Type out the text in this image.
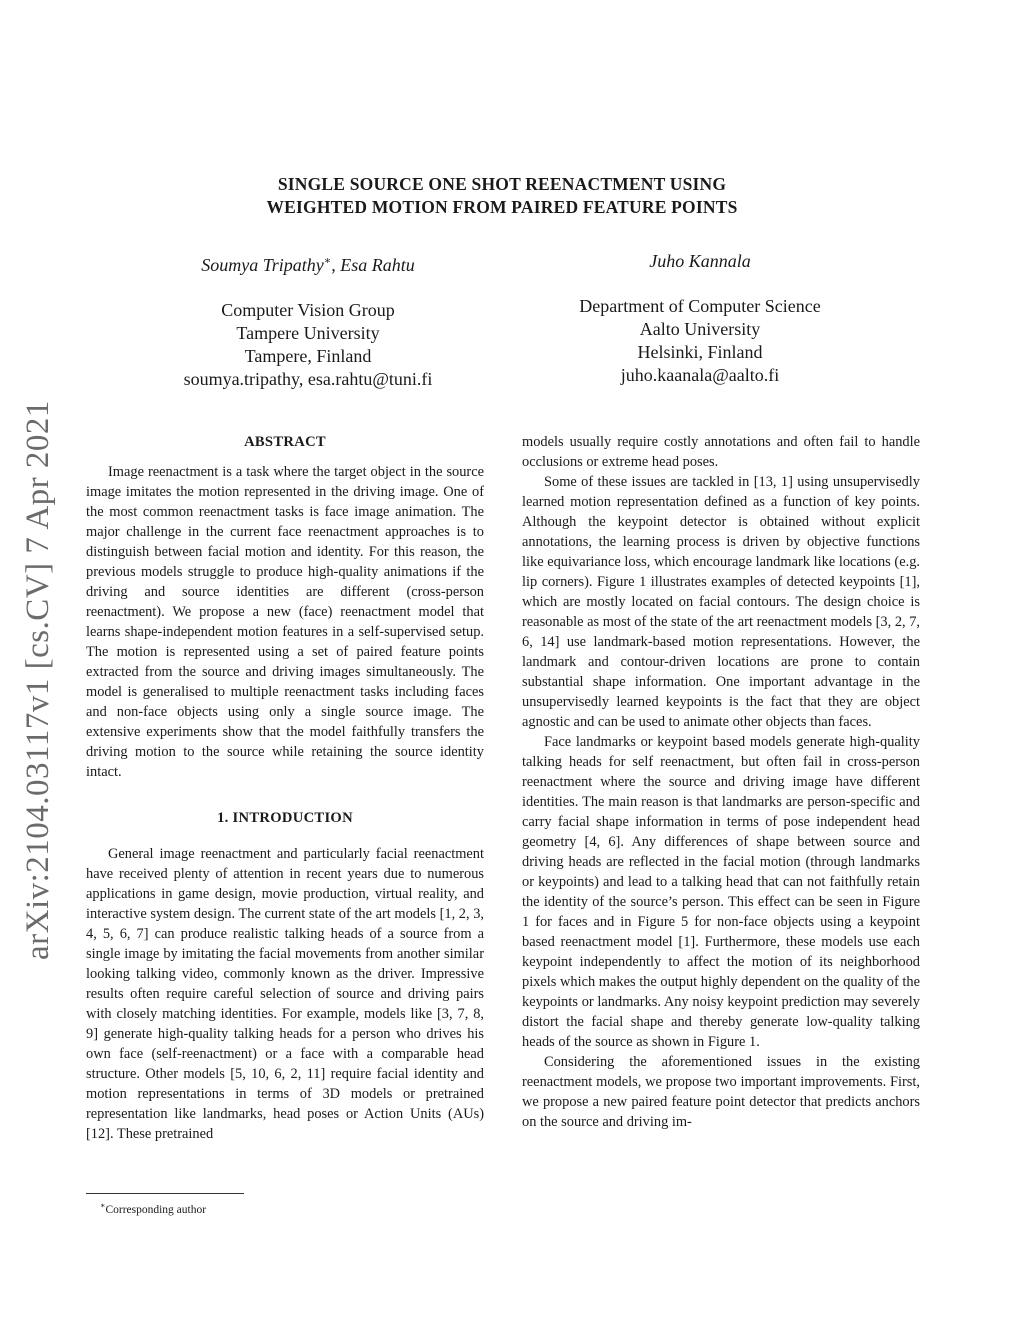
arXiv:2104.03117v1 [cs.CV] 7 Apr 2021
SINGLE SOURCE ONE SHOT REENACTMENT USING
WEIGHTED MOTION FROM PAIRED FEATURE POINTS
Soumya Tripathy∗, Esa Rahtu
Computer Vision Group
Tampere University
Tampere, Finland
soumya.tripathy, esa.rahtu@tuni.fi
Juho Kannala
Department of Computer Science
Aalto University
Helsinki, Finland
juho.kaanala@aalto.fi
ABSTRACT

Image reenactment is a task where the target object in the source image imitates the motion represented in the driving image. One of the most common reenactment tasks is face image animation. The major challenge in the current face reenactment approaches is to distinguish between facial motion and identity. For this reason, the previous models struggle to produce high-quality animations if the driving and source identities are different (cross-person reenactment). We propose a new (face) reenactment model that learns shape-independent motion features in a self-supervised setup. The motion is represented using a set of paired feature points extracted from the source and driving images simultaneously. The model is generalised to multiple reenactment tasks including faces and non-face objects using only a single source image. The extensive experiments show that the model faithfully transfers the driving motion to the source while retaining the source identity intact.

1. INTRODUCTION

General image reenactment and particularly facial reenactment have received plenty of attention in recent years due to numerous applications in game design, movie production, virtual reality, and interactive system design. The current state of the art models [1, 2, 3, 4, 5, 6, 7] can produce realistic talking heads of a source from a single image by imitating the facial movements from another similar looking talking video, commonly known as the driver. Impressive results often require careful selection of source and driving pairs with closely matching identities. For example, models like [3, 7, 8, 9] generate high-quality talking heads for a person who drives his own face (self-reenactment) or a face with a comparable head structure. Other models [5, 10, 6, 2, 11] require facial identity and motion representations in terms of 3D models or pretrained representation like landmarks, head poses or Action Units (AUs) [12]. These pretrained

models usually require costly annotations and often fail to handle occlusions or extreme head poses.

Some of these issues are tackled in [13, 1] using unsupervisedly learned motion representation defined as a function of key points. Although the keypoint detector is obtained without explicit annotations, the learning process is driven by objective functions like equivariance loss, which encourage landmark like locations (e.g. lip corners). Figure 1 illustrates examples of detected keypoints [1], which are mostly located on facial contours. The design choice is reasonable as most of the state of the art reenactment models [3, 2, 7, 6, 14] use landmark-based motion representations. However, the landmark and contour-driven locations are prone to contain substantial shape information. One important advantage in the unsupervisedly learned keypoints is the fact that they are object agnostic and can be used to animate other objects than faces.

Face landmarks or keypoint based models generate high-quality talking heads for self reenactment, but often fail in cross-person reenactment where the source and driving image have different identities. The main reason is that landmarks are person-specific and carry facial shape information in terms of pose independent head geometry [4, 6]. Any differences of shape between source and driving heads are reflected in the facial motion (through landmarks or keypoints) and lead to a talking head that can not faithfully retain the identity of the source’s person. This effect can be seen in Figure 1 for faces and in Figure 5 for non-face objects using a keypoint based reenactment model [1]. Furthermore, these models use each keypoint independently to affect the motion of its neighborhood pixels which makes the output highly dependent on the quality of the keypoints or landmarks. Any noisy keypoint prediction may severely distort the facial shape and thereby generate low-quality talking heads of the source as shown in Figure 1.

Considering the aforementioned issues in the existing reenactment models, we propose two important improvements. First, we propose a new paired feature point detector that predicts anchors on the source and driving im-

∗Corresponding author
